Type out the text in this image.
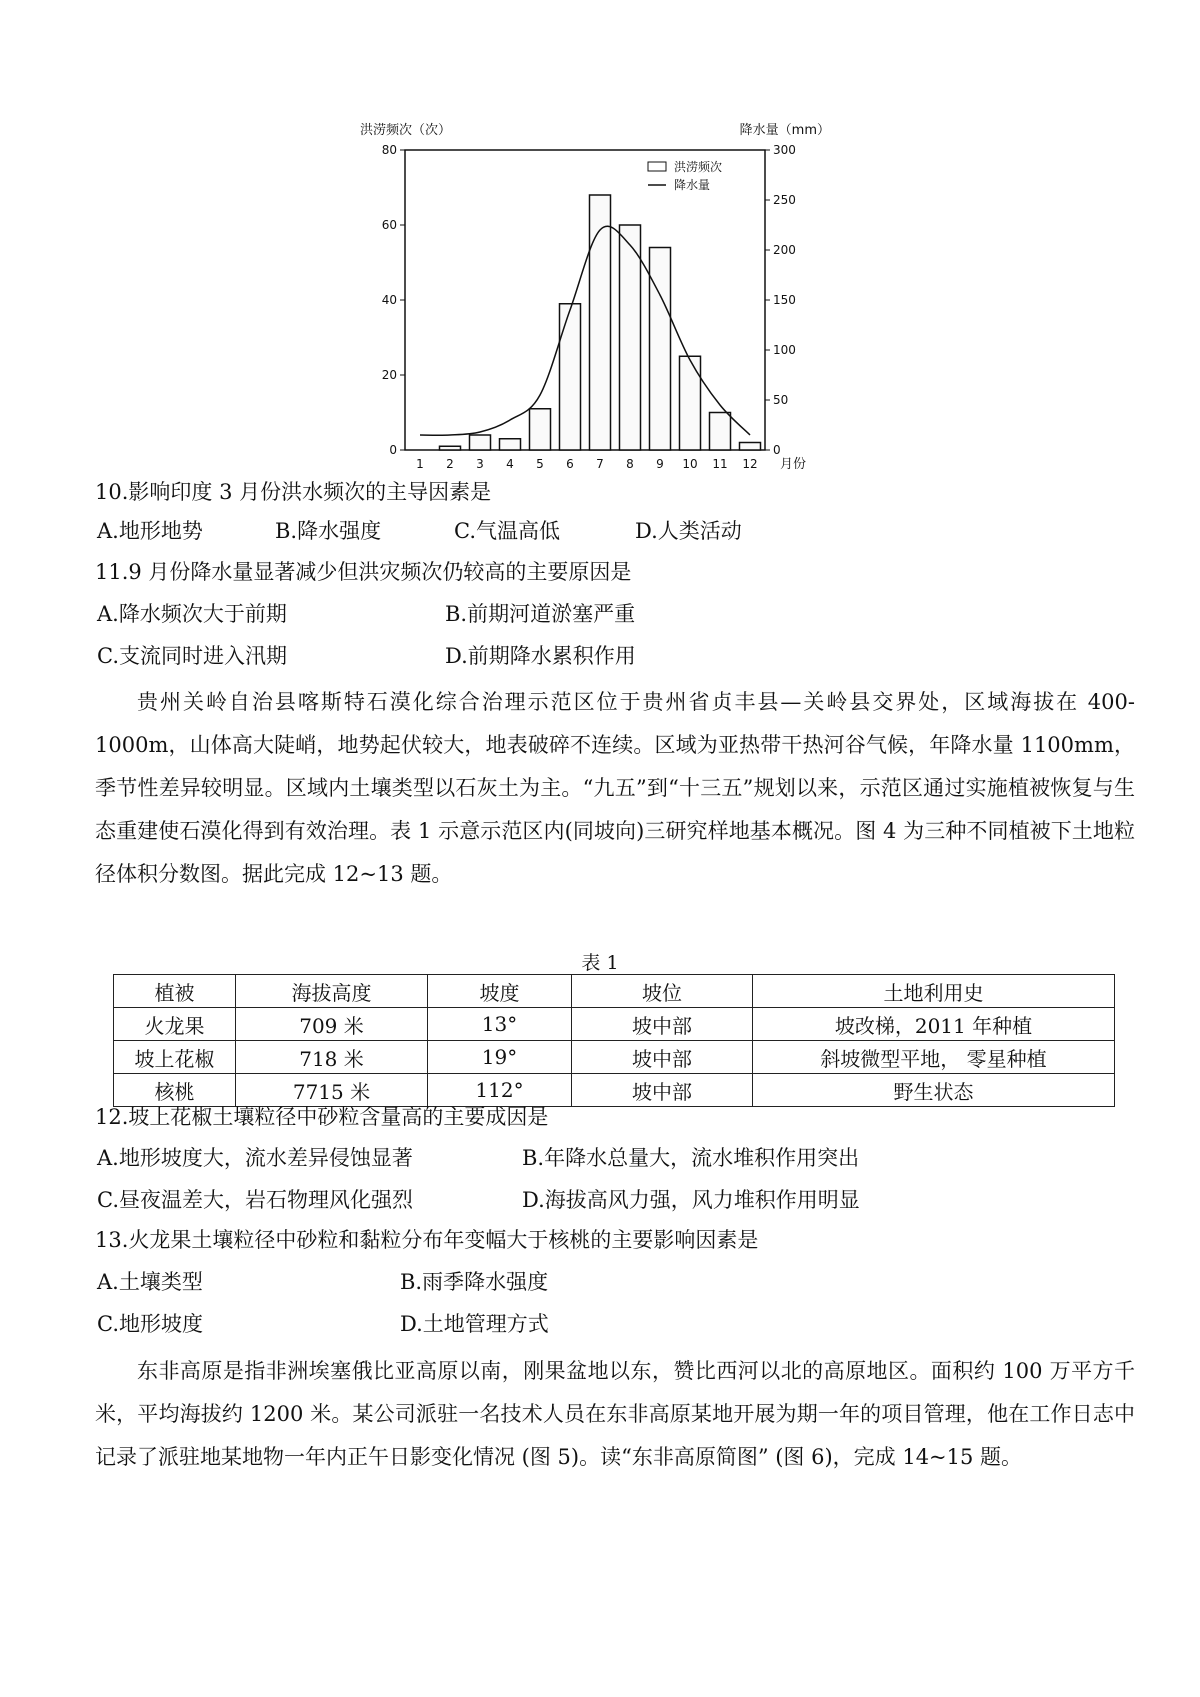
洪涝频次（次）	降水量（mm）
0
20
40
60
80
0
50
100
150
200
250
300
1 2 3 4 5 6 7 8 9 10 11 12 月份
洪涝频次
降水量

10.影响印度 3 月份洪水频次的主导因素是

A.地形地势	B.降水强度	C.气温高低	D.人类活动

11.9 月份降水量显著减少但洪灾频次仍较高的主要原因是

A.降水频次大于前期	B.前期河道淤塞严重

C.支流同时进入汛期	D.前期降水累积作用

贵州关岭自治县喀斯特石漠化综合治理示范区位于贵州省贞丰县—关岭县交界处，区域海拔在 400-1000m，山体高大陡峭，地势起伏较大，地表破碎不连续。区域为亚热带干热河谷气候，年降水量 1100mm，季节性差异较明显。区域内土壤类型以石灰土为主。“九五”到“十三五”规划以来，示范区通过实施植被恢复与生态重建使石漠化得到有效治理。表 1 示意示范区内(同坡向)三研究样地基本概况。图 4 为三种不同植被下土地粒径体积分数图。据此完成 12~13 题。

表 1
植被	海拔高度	坡度	坡位	土地利用史
火龙果	709 米	13°	坡中部	坡改梯，2011 年种植
坡上花椒	718 米	19°	坡中部	斜坡微型平地， 零星种植
核桃	7715 米	112°	坡中部	野生状态

12.坡上花椒土壤粒径中砂粒含量高的主要成因是

A.地形坡度大，流水差异侵蚀显著	B.年降水总量大，流水堆积作用突出

C.昼夜温差大，岩石物理风化强烈	D.海拔高风力强，风力堆积作用明显

13.火龙果土壤粒径中砂粒和黏粒分布年变幅大于核桃的主要影响因素是

A.土壤类型	B.雨季降水强度

C.地形坡度	D.土地管理方式

东非高原是指非洲埃塞俄比亚高原以南，刚果盆地以东，赞比西河以北的高原地区。面积约 100 万平方千米，平均海拔约 1200 米。某公司派驻一名技术人员在东非高原某地开展为期一年的项目管理，他在工作日志中记录了派驻地某地物一年内正午日影变化情况 (图 5)。读“东非高原简图” (图 6)，完成 14~15 题。
